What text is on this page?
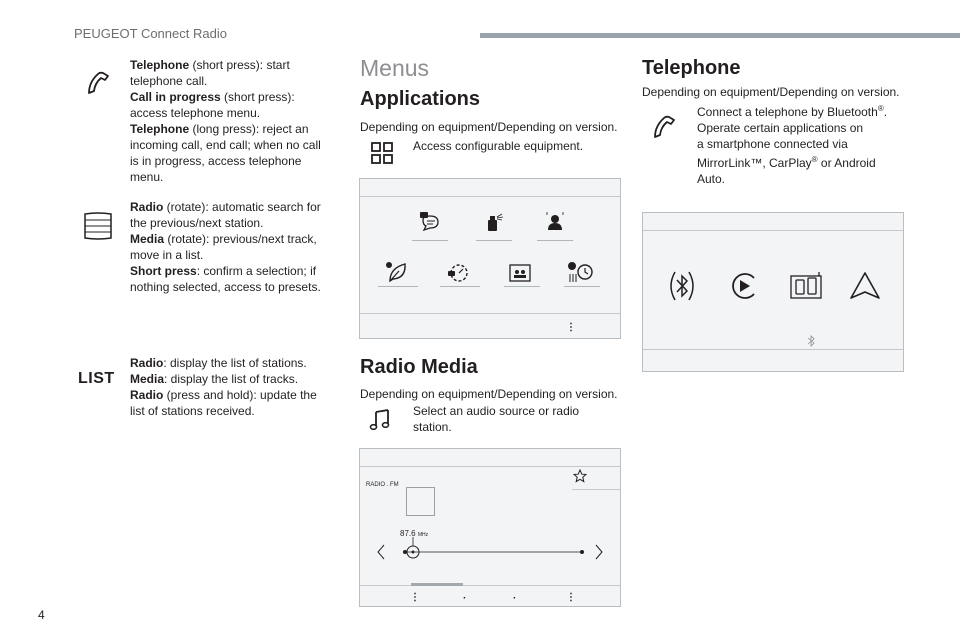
PEUGEOT Connect Radio
Telephone (short press): start
telephone call.
Call in progress (short press):
access telephone menu.
Telephone (long press): reject an
incoming call, end call; when no call
is in progress, access telephone
menu.
Radio (rotate): automatic search for
the previous/next station.
Media (rotate): previous/next track,
move in a list.
Short press: confirm a selection; if
nothing selected, access to presets.
LIST
Radio: display the list of stations.
Media: display the list of tracks.
Radio (press and hold): update the
list of stations received.
Menus
Applications
Depending on equipment/Depending on version.
Access configurable equipment.
⋮
Radio Media
Depending on equipment/Depending on version.
Select an audio source or radio
station.
RADIO . FM
87.6 MHz
⋮	·	·	⋮
Telephone
Depending on equipment/Depending on version.
Connect a telephone by Bluetooth®.
Operate certain applications on
a smartphone connected via
MirrorLink™, CarPlay® or Android
Auto.
4
